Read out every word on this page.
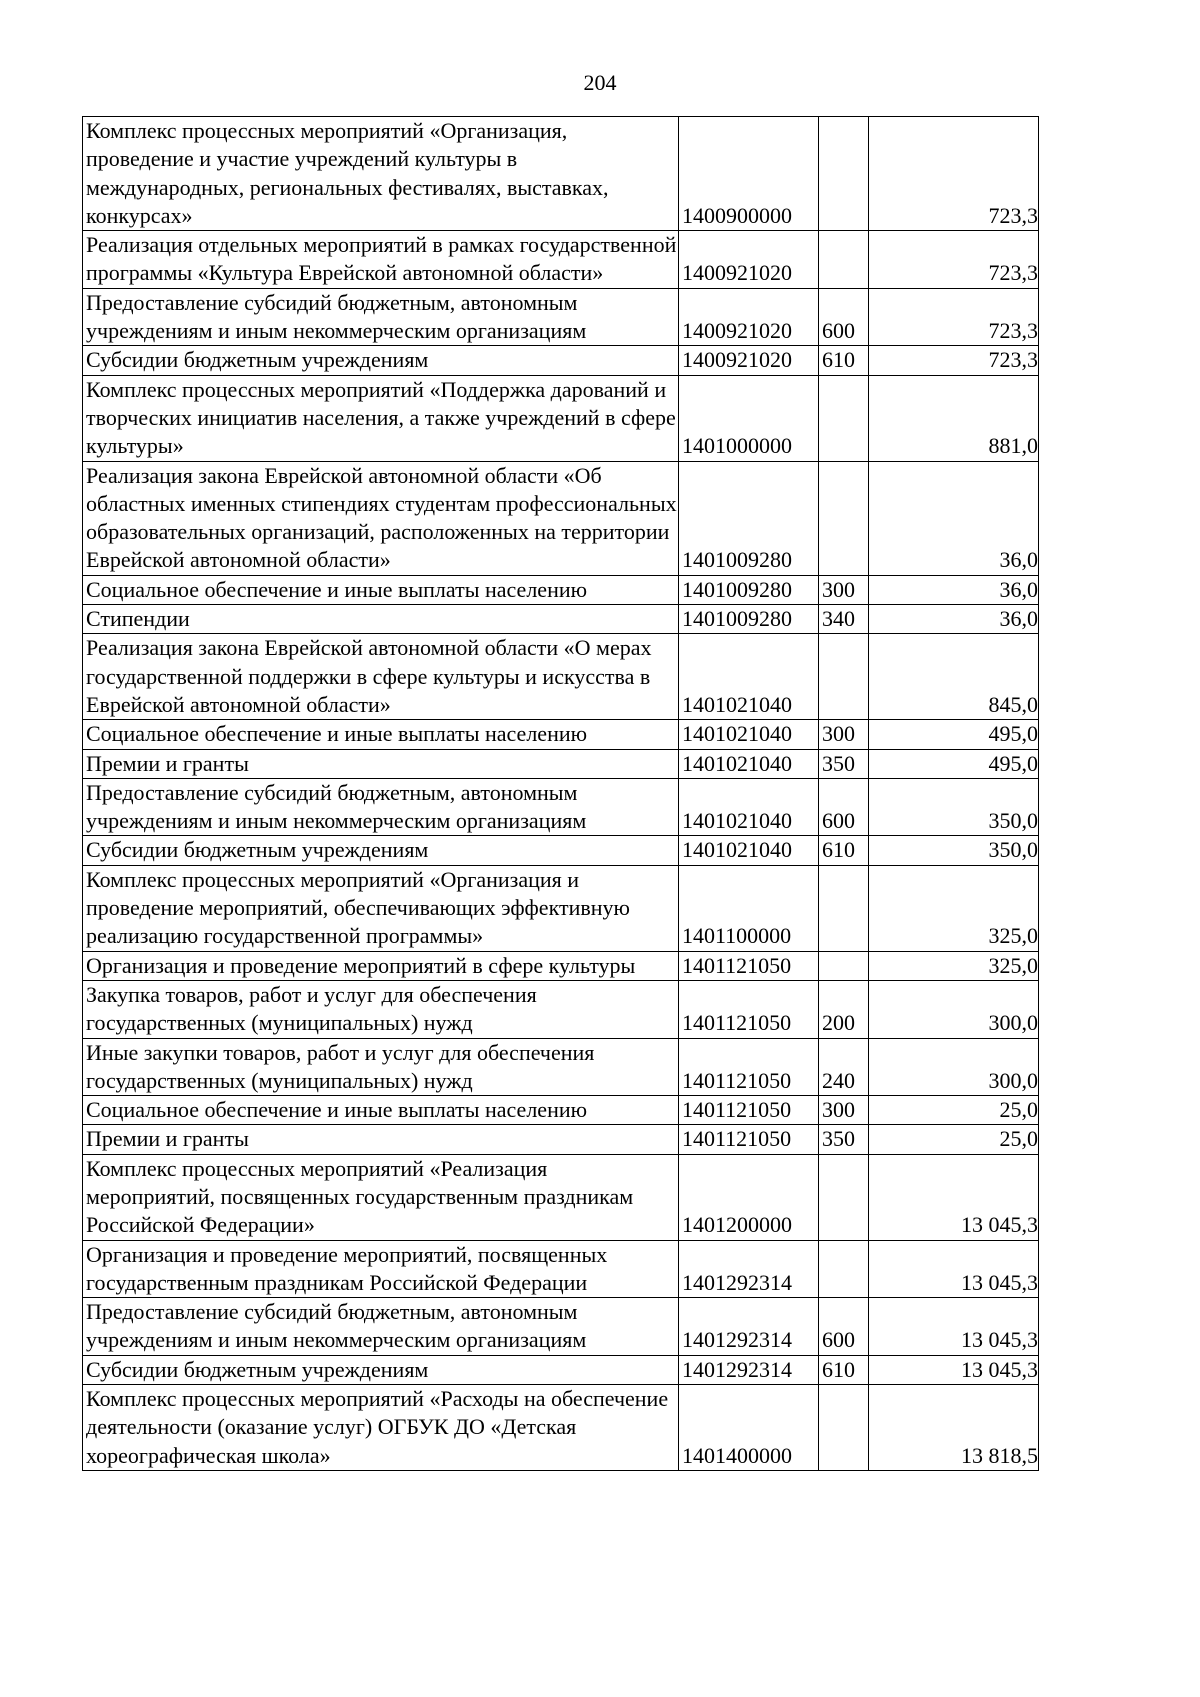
204
Комплекс процессных мероприятий «Организация, проведение и участие учреждений культуры в международных, региональных фестивалях, выставках, конкурсах»	1400900000		723,3
Реализация отдельных мероприятий в рамках государственной программы «Культура Еврейской автономной области»	1400921020		723,3
Предоставление субсидий бюджетным, автономным учреждениям и иным некоммерческим организациям	1400921020	600	723,3
Субсидии бюджетным учреждениям	1400921020	610	723,3
Комплекс процессных мероприятий «Поддержка дарований и творческих инициатив населения, а также учреждений в сфере культуры»	1401000000		881,0
Реализация закона Еврейской автономной области «Об областных именных стипендиях студентам профессиональных образовательных организаций, расположенных на территории Еврейской автономной области»	1401009280		36,0
Социальное обеспечение и иные выплаты населению	1401009280	300	36,0
Стипендии	1401009280	340	36,0
Реализация закона Еврейской автономной области «О мерах государственной поддержки в сфере культуры и искусства в Еврейской автономной области»	1401021040		845,0
Социальное обеспечение и иные выплаты населению	1401021040	300	495,0
Премии и гранты	1401021040	350	495,0
Предоставление субсидий бюджетным, автономным учреждениям и иным некоммерческим организациям	1401021040	600	350,0
Субсидии бюджетным учреждениям	1401021040	610	350,0
Комплекс процессных мероприятий «Организация и проведение мероприятий, обеспечивающих эффективную реализацию государственной программы»	1401100000		325,0
Организация и проведение мероприятий в сфере культуры	1401121050		325,0
Закупка товаров, работ и услуг для обеспечения государственных (муниципальных) нужд	1401121050	200	300,0
Иные закупки товаров, работ и услуг для обеспечения государственных (муниципальных) нужд	1401121050	240	300,0
Социальное обеспечение и иные выплаты населению	1401121050	300	25,0
Премии и гранты	1401121050	350	25,0
Комплекс процессных мероприятий «Реализация мероприятий, посвященных государственным праздникам Российской Федерации»	1401200000		13 045,3
Организация и проведение мероприятий, посвященных государственным праздникам Российской Федерации	1401292314		13 045,3
Предоставление субсидий бюджетным, автономным учреждениям и иным некоммерческим организациям	1401292314	600	13 045,3
Субсидии бюджетным учреждениям	1401292314	610	13 045,3
Комплекс процессных мероприятий «Расходы на обеспечение деятельности (оказание услуг) ОГБУК ДО «Детская хореографическая школа»	1401400000		13 818,5
